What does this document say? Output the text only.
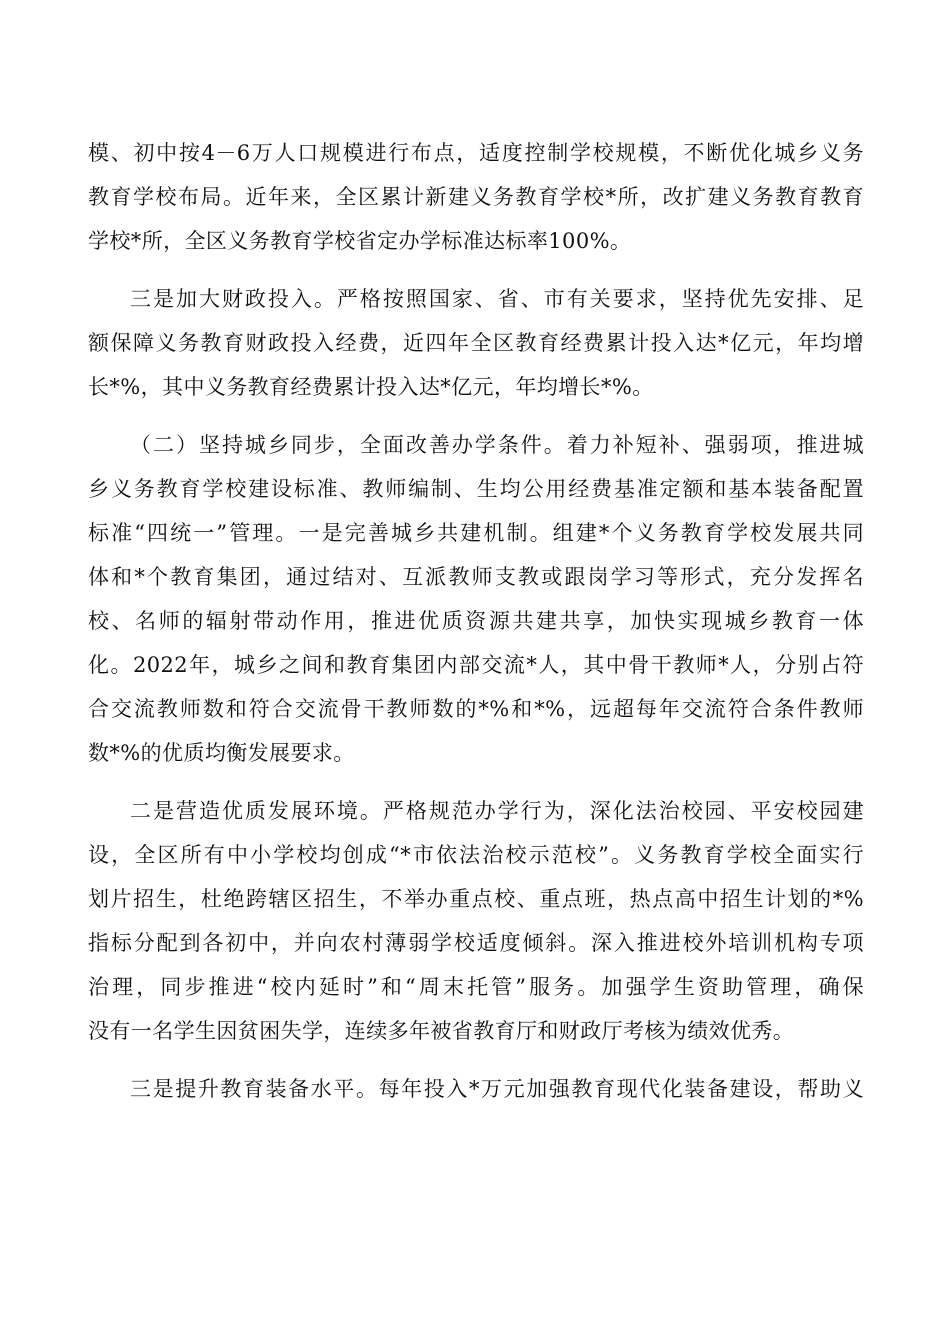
模、初中按4－6万人口规模进行布点，适度控制学校规模，不断优化城乡义务
教育学校布局。近年来，全区累计新建义务教育学校*所，改扩建义务教育教育
学校*所，全区义务教育学校省定办学标准达标率100%。
三是加大财政投入。严格按照国家、省、市有关要求，坚持优先安排、足
额保障义务教育财政投入经费，近四年全区教育经费累计投入达*亿元，年均增
长*%，其中义务教育经费累计投入达*亿元，年均增长*%。
（二）坚持城乡同步，全面改善办学条件。着力补短补、强弱项，推进城
乡义务教育学校建设标准、教师编制、生均公用经费基准定额和基本装备配置
标准“四统一”管理。一是完善城乡共建机制。组建*个义务教育学校发展共同
体和*个教育集团，通过结对、互派教师支教或跟岗学习等形式，充分发挥名
校、名师的辐射带动作用，推进优质资源共建共享，加快实现城乡教育一体
化。2022年，城乡之间和教育集团内部交流*人，其中骨干教师*人，分别占符
合交流教师数和符合交流骨干教师数的*%和*%，远超每年交流符合条件教师
数*%的优质均衡发展要求。
二是营造优质发展环境。严格规范办学行为，深化法治校园、平安校园建
设，全区所有中小学校均创成“*市依法治校示范校”。义务教育学校全面实行
划片招生，杜绝跨辖区招生，不举办重点校、重点班，热点高中招生计划的*%
指标分配到各初中，并向农村薄弱学校适度倾斜。深入推进校外培训机构专项
治理，同步推进“校内延时”和“周末托管”服务。加强学生资助管理，确保
没有一名学生因贫困失学，连续多年被省教育厅和财政厅考核为绩效优秀。
三是提升教育装备水平。每年投入*万元加强教育现代化装备建设，帮助义
